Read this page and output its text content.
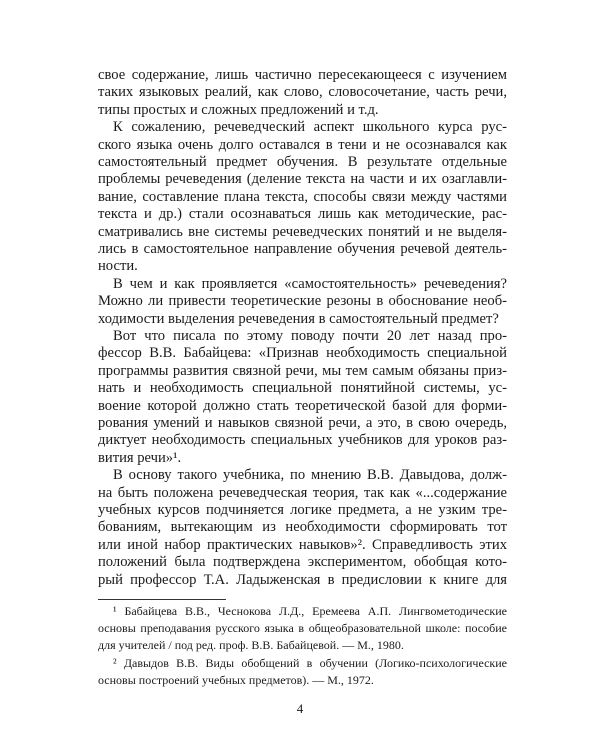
свое содержание, лишь частично пересекающееся с изучением
таких языковых реалий, как слово, словосочетание, часть речи,
типы простых и сложных предложений и т.д.
К сожалению, речеведческий аспект школьного курса рус-
ского языка очень долго оставался в тени и не осознавался как
самостоятельный предмет обучения. В результате отдельные
проблемы речеведения (деление текста на части и их озаглавли-
вание, составление плана текста, способы связи между частями
текста и др.) стали осознаваться лишь как методические, рас-
сматривались вне системы речеведческих понятий и не выделя-
лись в самостоятельное направление обучения речевой деятель-
ности.
В чем и как проявляется «самостоятельность» речеведения?
Можно ли привести теоретические резоны в обоснование необ-
ходимости выделения речеведения в самостоятельный предмет?
Вот что писала по этому поводу почти 20 лет назад про-
фессор В.В. Бабайцева: «Признав необходимость специальной
программы развития связной речи, мы тем самым обязаны приз-
нать и необходимость специальной понятийной системы, ус-
воение которой должно стать теоретической базой для форми-
рования умений и навыков связной речи, а это, в свою очередь,
диктует необходимость специальных учебников для уроков раз-
вития речи»¹.
В основу такого учебника, по мнению В.В. Давыдова, долж-
на быть положена речеведческая теория, так как «...содержание
учебных курсов подчиняется логике предмета, а не узким тре-
бованиям, вытекающим из необходимости сформировать тот
или иной набор практических навыков»². Справедливость этих
положений была подтверждена экспериментом, обобщая кото-
рый профессор Т.А. Ладыженская в предисловии к книге для
¹ Бабайцева В.В., Чеснокова Л.Д., Еремеева А.П. Лингвометодические
основы преподавания русского языка в общеобразовательной школе: пособие
для учителей / под ред. проф. В.В. Бабайцевой. — М., 1980.
² Давыдов В.В. Виды обобщений в обучении (Логико-психологические
основы построений учебных предметов). — М., 1972.
4
